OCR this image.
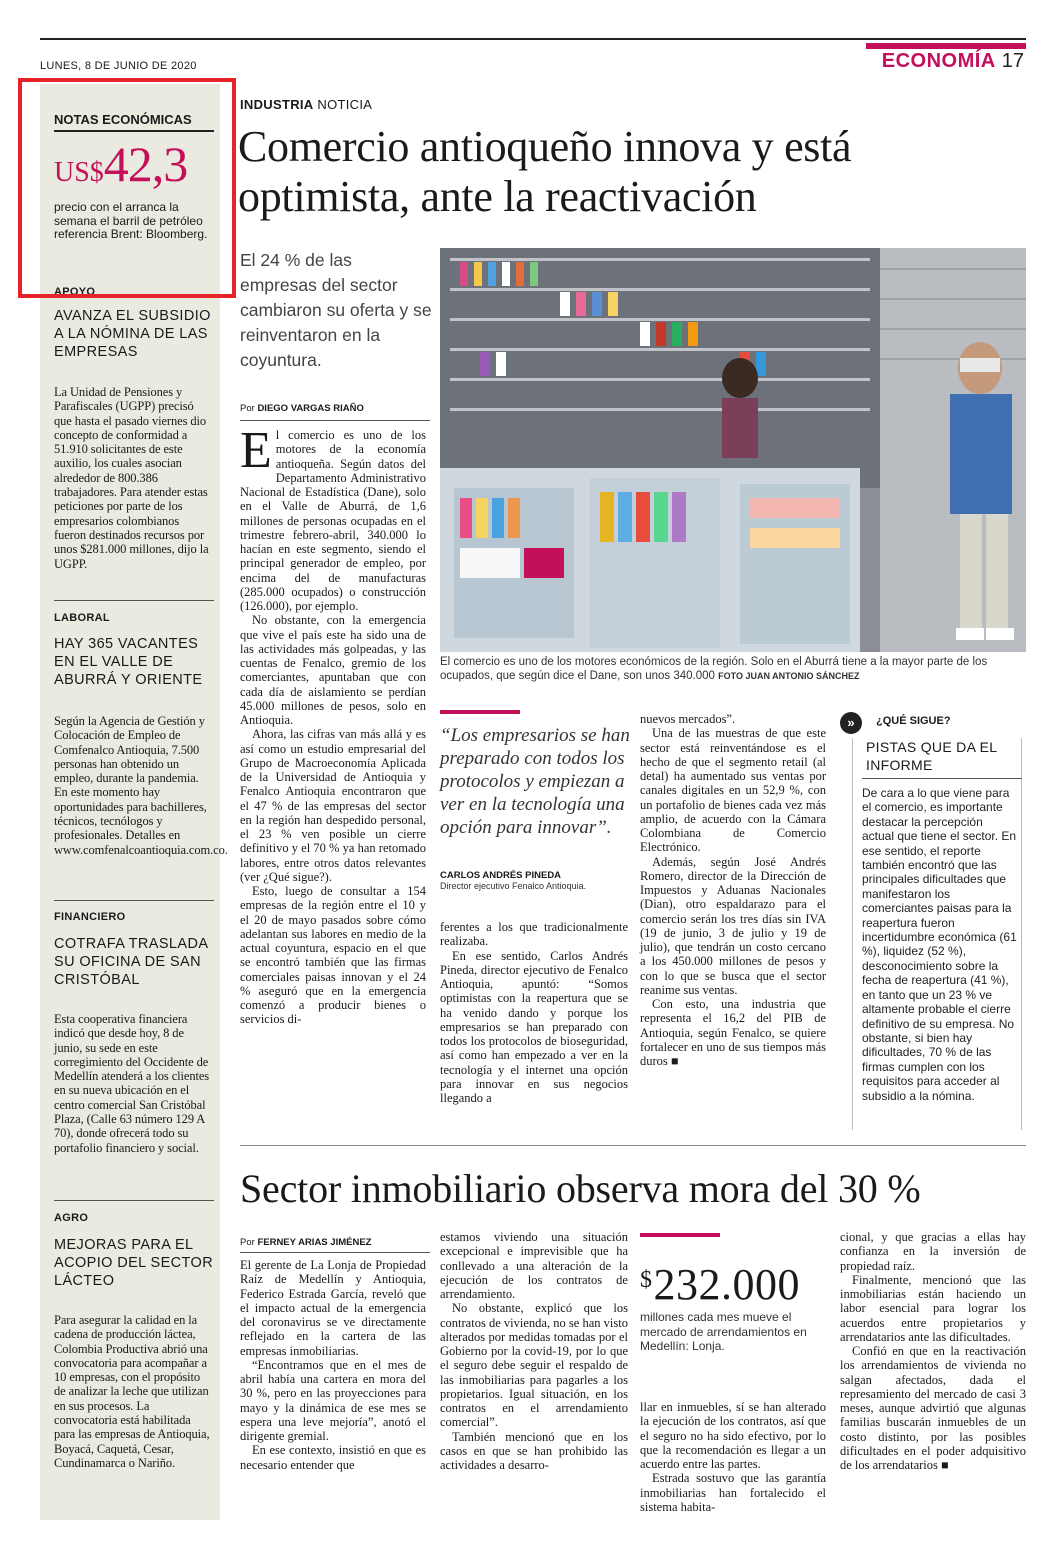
LUNES, 8 DE JUNIO DE 2020	ECONOMÍA 17
NOTAS ECONÓMICAS
US$42,3
precio con el arranca la semana el barril de petróleo referencia Brent: Bloomberg.
APOYO
AVANZA EL SUBSIDIO A LA NÓMINA DE LAS EMPRESAS
La Unidad de Pensiones y Parafiscales (UGPP) precisó que hasta el pasado viernes dio concepto de conformidad a 51.910 solicitantes de este auxilio, los cuales asocian alrededor de 800.386 trabajadores. Para atender estas peticiones por parte de los empresarios colombianos fueron destinados recursos por unos $281.000 millones, dijo la UGPP.
LABORAL
HAY 365 VACANTES EN EL VALLE DE ABURRÁ Y ORIENTE
Según la Agencia de Gestión y Colocación de Empleo de Comfenalco Antioquia, 7.500 personas han obtenido un empleo, durante la pandemia. En este momento hay oportunidades para bachilleres, técnicos, tecnólogos y profesionales. Detalles en www.comfenalcoantioquia.com.co.
FINANCIERO
COTRAFA TRASLADA SU OFICINA DE SAN CRISTÓBAL
Esta cooperativa financiera indicó que desde hoy, 8 de junio, su sede en este corregimiento del Occidente de Medellín atenderá a los clientes en su nueva ubicación en el centro comercial San Cristóbal Plaza, (Calle 63 número 129 A 70), donde ofrecerá todo su portafolio financiero y social.
AGRO
MEJORAS PARA EL ACOPIO DEL SECTOR LÁCTEO
Para asegurar la calidad en la cadena de producción láctea, Colombia Productiva abrió una convocatoria para acompañar a 10 empresas, con el propósito de analizar la leche que utilizan en sus procesos. La convocatoria está habilitada para las empresas de Antioquia, Boyacá, Caquetá, Cesar, Cundinamarca o Nariño.
INDUSTRIA NOTICIA
Comercio antioqueño innova y está optimista, ante la reactivación
El 24 % de las empresas del sector cambiaron su oferta y se reinventaron en la coyuntura.
Por DIEGO VARGAS RIAÑO

El comercio es uno de los motores de la economía antioqueña. Según datos del Departamento Administrativo Nacional de Estadística (Dane), solo en el Valle de Aburrá, de 1,6 millones de personas ocupadas en el trimestre febrero-abril, 340.000 lo hacían en este segmento, siendo el principal generador de empleo, por encima del de manufacturas (285.000 ocupados) o construcción (126.000), por ejemplo.

No obstante, con la emergencia que vive el país este ha sido una de las actividades más golpeadas, y las cuentas de Fenalco, gremio de los comerciantes, apuntaban que con cada día de aislamiento se perdían 45.000 millones de pesos, solo en Antioquia.

Ahora, las cifras van más allá y es así como un estudio empresarial del Grupo de Macroeconomía Aplicada de la Universidad de Antioquia y Fenalco Antioquia encontraron que el 47 % de las empresas del sector en la región han despedido personal, el 23 % ven posible un cierre definitivo y el 70 % ya han retomado labores, entre otros datos relevantes (ver ¿Qué sigue?).

Esto, luego de consultar a 154 empresas de la región entre el 10 y el 20 de mayo pasados sobre cómo adelantan sus labores en medio de la actual coyuntura, espacio en el que se encontró también que las firmas comerciales paisas innovan y el 24 % aseguró que en la emergencia comenzó a producir bienes o servicios di-

El comercio es uno de los motores económicos de la región. Solo en el Aburrá tiene a la mayor parte de los ocupados, que según dice el Dane, son unos 340.000 FOTO JUAN ANTONIO SÁNCHEZ
“Los empresarios se han preparado con todos los protocolos y empiezan a ver en la tecnología una opción para innovar”.
CARLOS ANDRÉS PINEDA
Director ejecutivo Fenalco Antioquia.

ferentes a los que tradicionalmente realizaba.

En ese sentido, Carlos Andrés Pineda, director ejecutivo de Fenalco Antioquia, apuntó: “Somos optimistas con la reapertura que se ha venido dando y porque los empresarios se han preparado con todos los protocolos de bioseguridad, así como han empezado a ver en la tecnología y el internet una opción para innovar en sus negocios llegando a

nuevos mercados”.

Una de las muestras de que este sector está reinventándose es el hecho de que el segmento retail (al detal) ha aumentado sus ventas por canales digitales en un 52,9 %, con un portafolio de bienes cada vez más amplio, de acuerdo con la Cámara Colombiana de Comercio Electrónico.

Además, según José Andrés Romero, director de la Dirección de Impuestos y Aduanas Nacionales (Dian), otro espaldarazo para el comercio serán los tres días sin IVA (19 de junio, 3 de julio y 19 de julio), que tendrán un costo cercano a los 450.000 millones de pesos y con lo que se busca que el sector reanime sus ventas.

Con esto, una industria que representa el 16,2 del PIB de Antioquia, según Fenalco, se quiere fortalecer en uno de sus tiempos más duros ■

»	¿QUÉ SIGUE?
PISTAS QUE DA EL INFORME
De cara a lo que viene para el comercio, es importante destacar la percepción actual que tiene el sector. En ese sentido, el reporte también encontró que las principales dificultades que manifestaron los comerciantes paisas para la reapertura fueron incertidumbre económica (61 %), liquidez (52 %), desconocimiento sobre la fecha de reapertura (41 %), en tanto que un 23 % ve altamente probable el cierre definitivo de su empresa. No obstante, si bien hay dificultades, 70 % de las firmas cumplen con los requisitos para acceder al subsidio a la nómina.
Sector inmobiliario observa mora del 30 %
Por FERNEY ARIAS JIMÉNEZ

El gerente de La Lonja de Propiedad Raíz de Medellín y Antioquia, Federico Estrada García, reveló que el impacto actual de la emergencia del coronavirus se ve directamente reflejado en la cartera de las empresas inmobiliarias.

“Encontramos que en el mes de abril había una cartera en mora del 30 %, pero en las proyecciones para mayo y la dinámica de ese mes se espera una leve mejoría”, anotó el dirigente gremial.

En ese contexto, insistió en que es necesario entender que

estamos viviendo una situación excepcional e imprevisible que ha conllevado a una alteración de la ejecución de los contratos de arrendamiento.

No obstante, explicó que los contratos de vivienda, no se han visto alterados por medidas tomadas por el Gobierno por la covid-19, por lo que el seguro debe seguir el respaldo de las inmobiliarias para pagarles a los propietarios. Igual situación, en los contratos en el arrendamiento comercial”.

También mencionó que en los casos en que se han prohibido las actividades a desarro-

$232.000
millones cada mes mueve el mercado de arrendamientos en Medellín: Lonja.

llar en inmuebles, sí se han alterado la ejecución de los contratos, así que el seguro no ha sido efectivo, por lo que la recomendación es llegar a un acuerdo entre las partes.

Estrada sostuvo que las garantía inmobiliarias han fortalecido el sistema habita-

cional, y que gracias a ellas hay confianza en la inversión de propiedad raíz.

Finalmente, mencionó que las inmobiliarias están haciendo un labor esencial para lograr los acuerdos entre propietarios y arrendatarios ante las dificultades.

Confió en que en la reactivación los arrendamientos de vivienda no salgan afectados, dada el represamiento del mercado de casi 3 meses, aunque advirtió que algunas familias buscarán inmuebles de un costo distinto, por las posibles dificultades en el poder adquisitivo de los arrendatarios ■
